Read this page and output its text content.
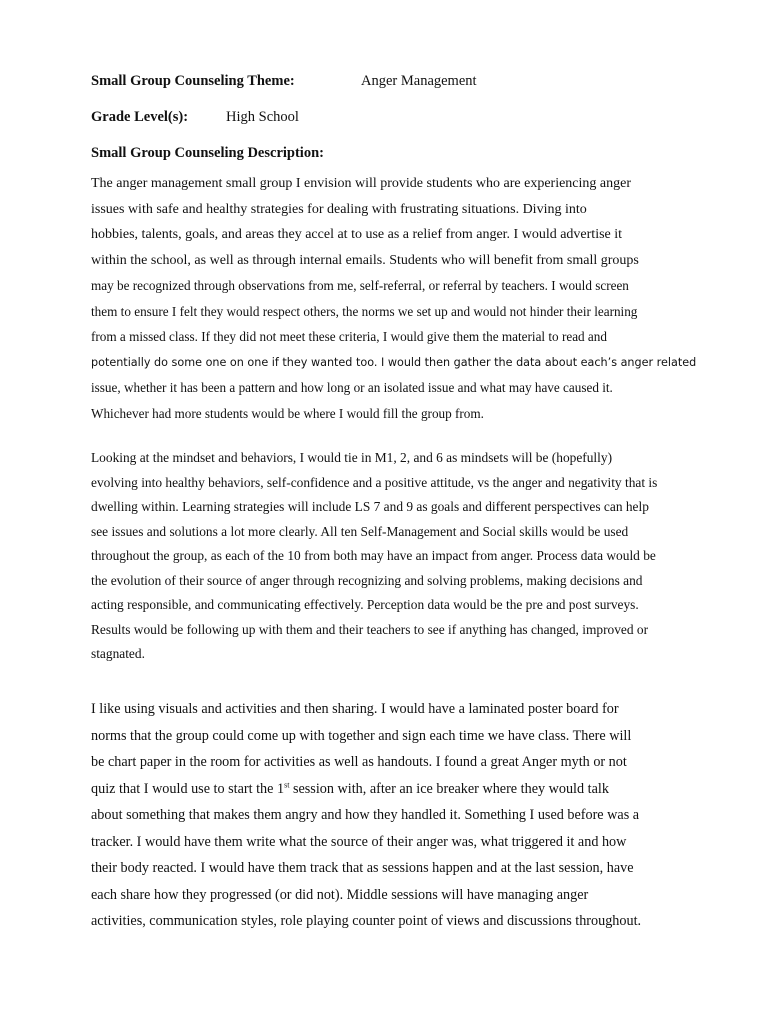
Small Group Counseling Theme:	Anger Management
Grade Level(s):	High School
Small Group Counseling Description:

The anger management small group I envision will provide students who are experiencing anger
issues with safe and healthy strategies for dealing with frustrating situations. Diving into
hobbies, talents, goals, and areas they accel at to use as a relief from anger. I would advertise it
within the school, as well as through internal emails. Students who will benefit from small groups
may be recognized through observations from me, self-referral, or referral by teachers. I would screen
them to ensure I felt they would respect others, the norms we set up and would not hinder their learning
from a missed class. If they did not meet these criteria, I would give them the material to read and
potentially do some one on one if they wanted too. I would then gather the data about each’s anger related
issue, whether it has been a pattern and how long or an isolated issue and what may have caused it.
Whichever had more students would be where I would fill the group from.

Looking at the mindset and behaviors, I would tie in M1, 2, and 6 as mindsets will be (hopefully)
evolving into healthy behaviors, self-confidence and a positive attitude, vs the anger and negativity that is
dwelling within. Learning strategies will include LS 7 and 9 as goals and different perspectives can help
see issues and solutions a lot more clearly. All ten Self-Management and Social skills would be used
throughout the group, as each of the 10 from both may have an impact from anger. Process data would be
the evolution of their source of anger through recognizing and solving problems, making decisions and
acting responsible, and communicating effectively. Perception data would be the pre and post surveys.
Results would be following up with them and their teachers to see if anything has changed, improved or
stagnated.

I like using visuals and activities and then sharing. I would have a laminated poster board for
norms that the group could come up with together and sign each time we have class. There will
be chart paper in the room for activities as well as handouts. I found a great Anger myth or not
quiz that I would use to start the 1st session with, after an ice breaker where they would talk
about something that makes them angry and how they handled it. Something I used before was a
tracker. I would have them write what the source of their anger was, what triggered it and how
their body reacted. I would have them track that as sessions happen and at the last session, have
each share how they progressed (or did not). Middle sessions will have managing anger
activities, communication styles, role playing counter point of views and discussions throughout.
